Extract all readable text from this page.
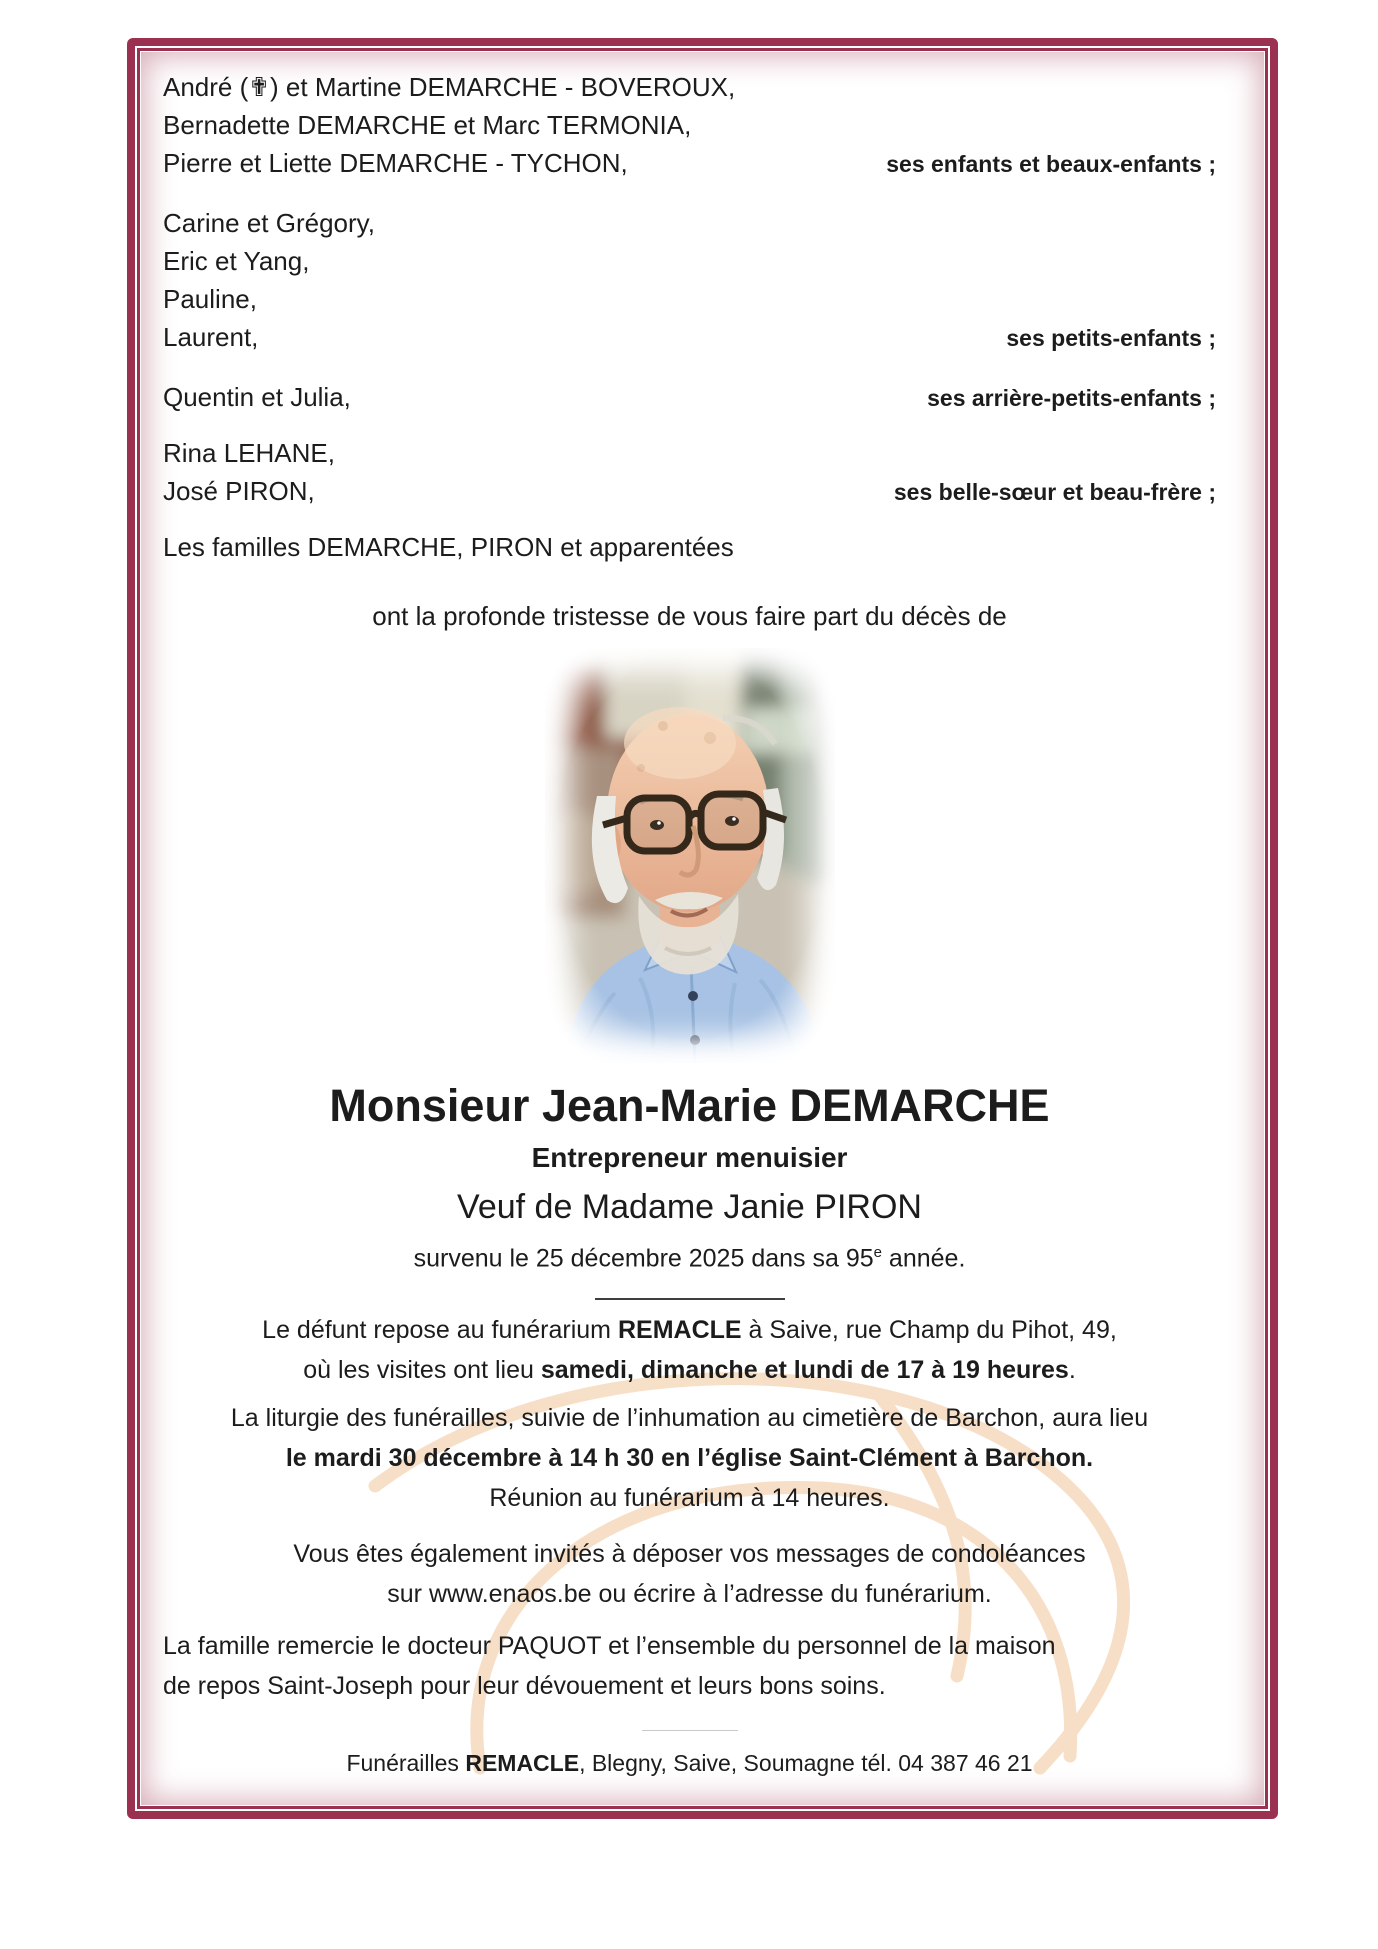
André (✟) et Martine DEMARCHE - BOVEROUX,
Bernadette DEMARCHE et Marc TERMONIA,
Pierre et Liette DEMARCHE - TYCHON,	ses enfants et beaux-enfants ;
Carine et Grégory,
Eric et Yang,
Pauline,
Laurent,	ses petits-enfants ;
Quentin et Julia,	ses arrière-petits-enfants ;
Rina LEHANE,
José PIRON,	ses belle-sœur et beau-frère ;
Les familles DEMARCHE, PIRON et apparentées
ont la profonde tristesse de vous faire part du décès de
Monsieur Jean-Marie DEMARCHE
Entrepreneur menuisier
Veuf de Madame Janie PIRON
survenu le 25 décembre 2025 dans sa 95e année.
Le défunt repose au funérarium REMACLE à Saive, rue Champ du Pihot, 49,
où les visites ont lieu samedi, dimanche et lundi de 17 à 19 heures.
La liturgie des funérailles, suivie de l’inhumation au cimetière de Barchon, aura lieu
le mardi 30 décembre à 14 h 30 en l’église Saint-Clément à Barchon.
Réunion au funérarium à 14 heures.
Vous êtes également invités à déposer vos messages de condoléances
sur www.enaos.be ou écrire à l’adresse du funérarium.
La famille remercie le docteur PAQUOT et l’ensemble du personnel de la maison
de repos Saint-Joseph pour leur dévouement et leurs bons soins.
Funérailles REMACLE, Blegny, Saive, Soumagne tél. 04 387 46 21
